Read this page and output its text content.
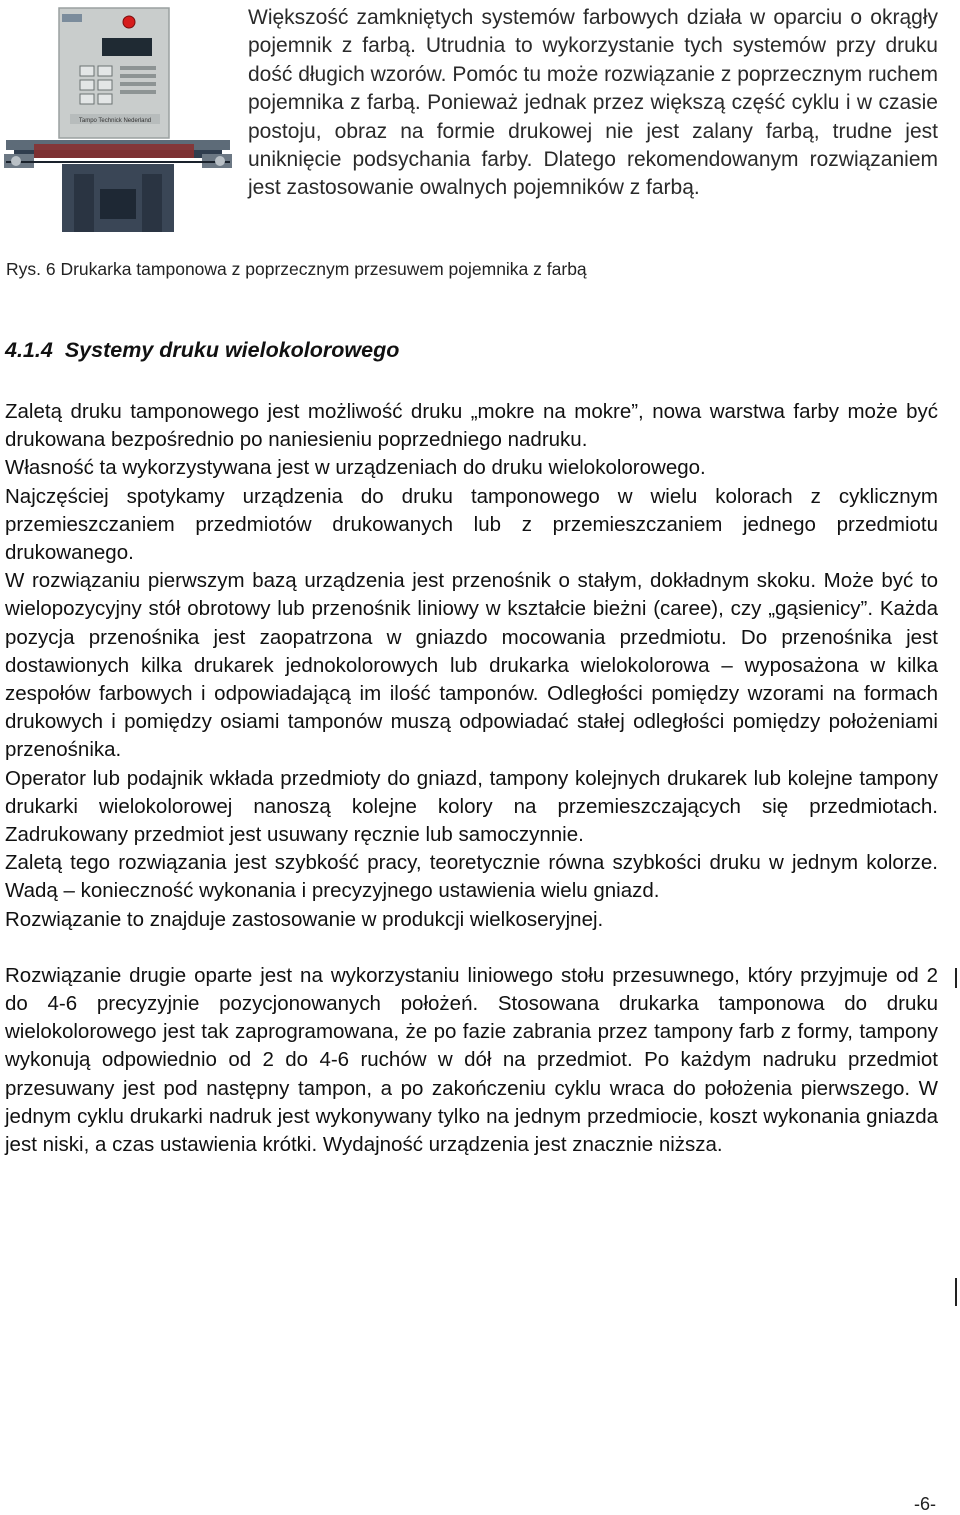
Tampo Technick Nederland

Większość zamkniętych systemów farbowych działa w oparciu o okrągły pojemnik z farbą. Utrudnia to wykorzystanie tych systemów przy druku dość długich wzorów. Pomóc tu może rozwiązanie z poprzecznym ruchem pojemnika z farbą. Ponieważ jednak przez większą część cyklu i w czasie postoju, obraz na formie drukowej nie jest zalany farbą, trudne jest uniknięcie podsychania farby. Dlatego rekomendowanym rozwiązaniem jest zastosowanie owalnych pojemników z farbą.

Rys. 6 Drukarka tamponowa z poprzecznym przesuwem pojemnika z farbą

4.1.4 Systemy druku wielokolorowego

Zaletą druku tamponowego jest możliwość druku „mokre na mokre”, nowa warstwa farby może być drukowana bezpośrednio po naniesieniu poprzedniego nadruku.

Własność ta wykorzystywana jest w urządzeniach do druku wielokolorowego.

Najczęściej spotykamy urządzenia do druku tamponowego w wielu kolorach z cyklicznym przemieszczaniem przedmiotów drukowanych lub z przemieszczaniem jednego przedmiotu drukowanego.

W rozwiązaniu pierwszym bazą urządzenia jest przenośnik o stałym, dokładnym skoku. Może być to wielopozycyjny stół obrotowy lub przenośnik liniowy w kształcie bieżni (caree), czy „gąsienicy”. Każda pozycja przenośnika jest zaopatrzona w gniazdo mocowania przedmiotu. Do przenośnika jest dostawionych kilka drukarek jednokolorowych lub drukarka wielokolorowa – wyposażona w kilka zespołów farbowych i odpowiadającą im ilość tamponów. Odległości pomiędzy wzorami na formach drukowych i pomiędzy osiami tamponów muszą odpowiadać stałej odległości pomiędzy położeniami przenośnika.

Operator lub podajnik wkłada przedmioty do gniazd, tampony kolejnych drukarek lub kolejne tampony drukarki wielokolorowej nanoszą kolejne kolory na przemieszczających się przedmiotach. Zadrukowany przedmiot jest usuwany ręcznie lub samoczynnie.

Zaletą tego rozwiązania jest szybkość pracy, teoretycznie równa szybkości druku w jednym kolorze. Wadą – konieczność wykonania i precyzyjnego ustawienia wielu gniazd.

Rozwiązanie to znajduje zastosowanie w produkcji wielkoseryjnej.

Rozwiązanie drugie oparte jest na wykorzystaniu liniowego stołu przesuwnego, który przyjmuje od 2 do 4-6 precyzyjnie pozycjonowanych położeń. Stosowana drukarka tamponowa do druku wielokolorowego jest tak zaprogramowana, że po fazie zabrania przez tampony farb z formy, tampony wykonują odpowiednio od 2 do 4-6 ruchów w dół na przedmiot. Po każdym nadruku przedmiot przesuwany jest pod następny tampon, a po zakończeniu cyklu wraca do położenia pierwszego. W jednym cyklu drukarki nadruk jest wykonywany tylko na jednym przedmiocie, koszt wykonania gniazda jest niski, a czas ustawienia krótki. Wydajność urządzenia jest znacznie niższa.

-6-
